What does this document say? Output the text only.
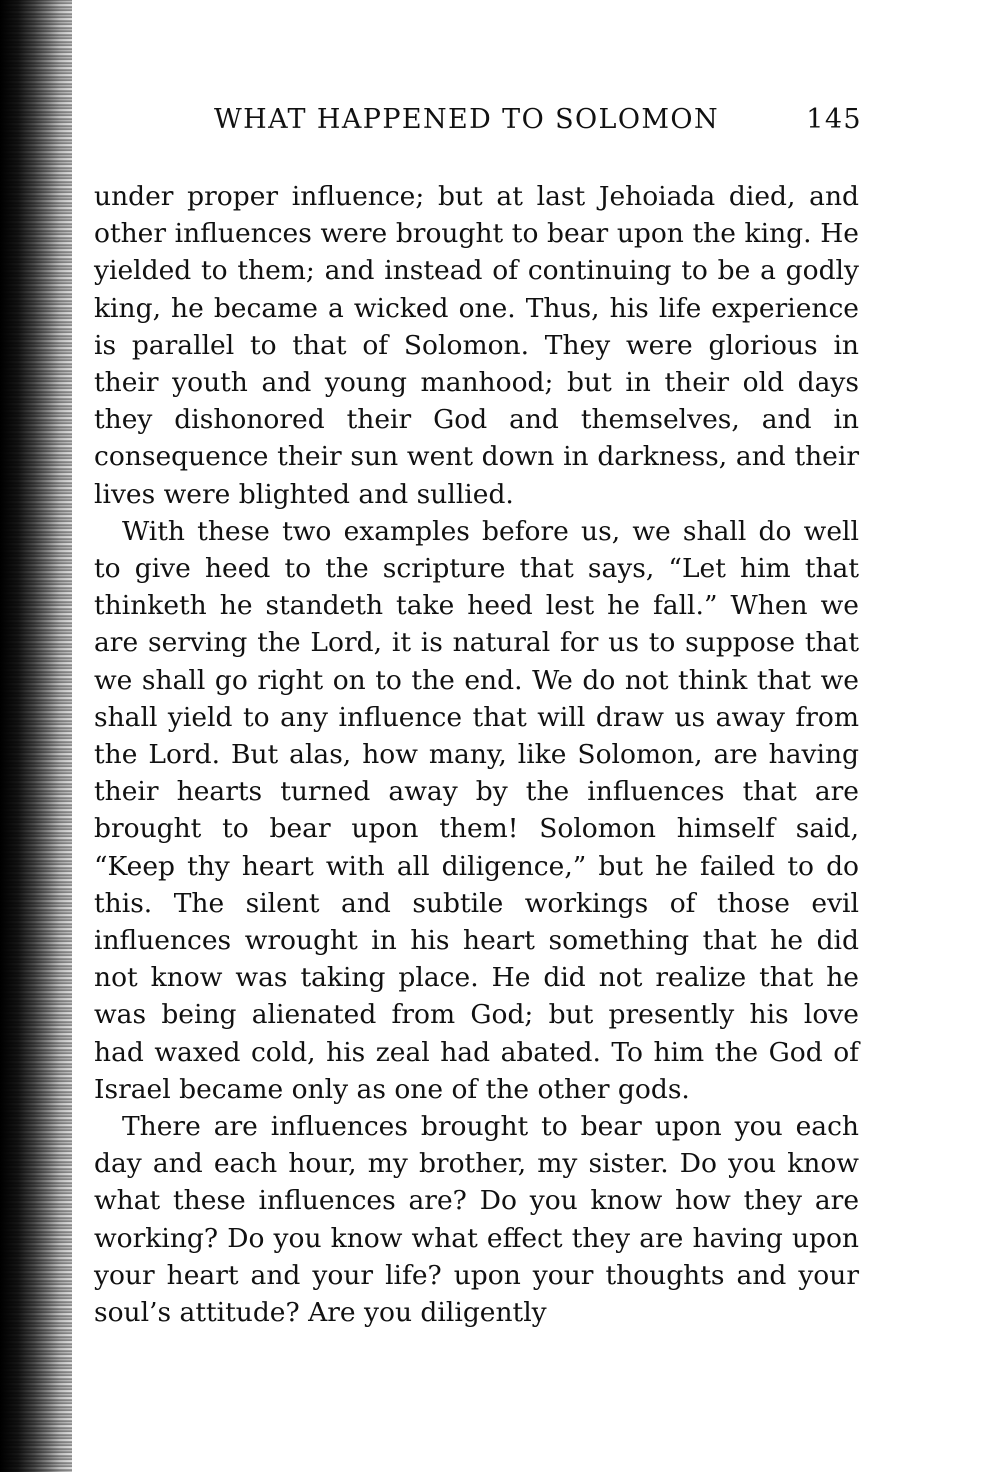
WHAT HAPPENED TO SOLOMON	145

under proper influence; but at last Jehoiada died, and other influences were brought to bear upon the king. He yielded to them; and instead of continuing to be a godly king, he became a wicked one. Thus, his life experience is parallel to that of Solomon. They were glorious in their youth and young manhood; but in their old days they dishonored their God and themselves, and in consequence their sun went down in darkness, and their lives were blighted and sullied.

With these two examples before us, we shall do well to give heed to the scripture that says, “Let him that thinketh he standeth take heed lest he fall.” When we are serving the Lord, it is natural for us to suppose that we shall go right on to the end. We do not think that we shall yield to any influence that will draw us away from the Lord. But alas, how many, like Solomon, are having their hearts turned away by the influences that are brought to bear upon them! Solomon himself said, “Keep thy heart with all diligence,” but he failed to do this. The silent and subtile workings of those evil influences wrought in his heart something that he did not know was taking place. He did not realize that he was being alienated from God; but presently his love had waxed cold, his zeal had abated. To him the God of Israel became only as one of the other gods.

There are influences brought to bear upon you each day and each hour, my brother, my sister. Do you know what these influences are? Do you know how they are working? Do you know what effect they are having upon your heart and your life? upon your thoughts and your soul’s attitude? Are you diligently
